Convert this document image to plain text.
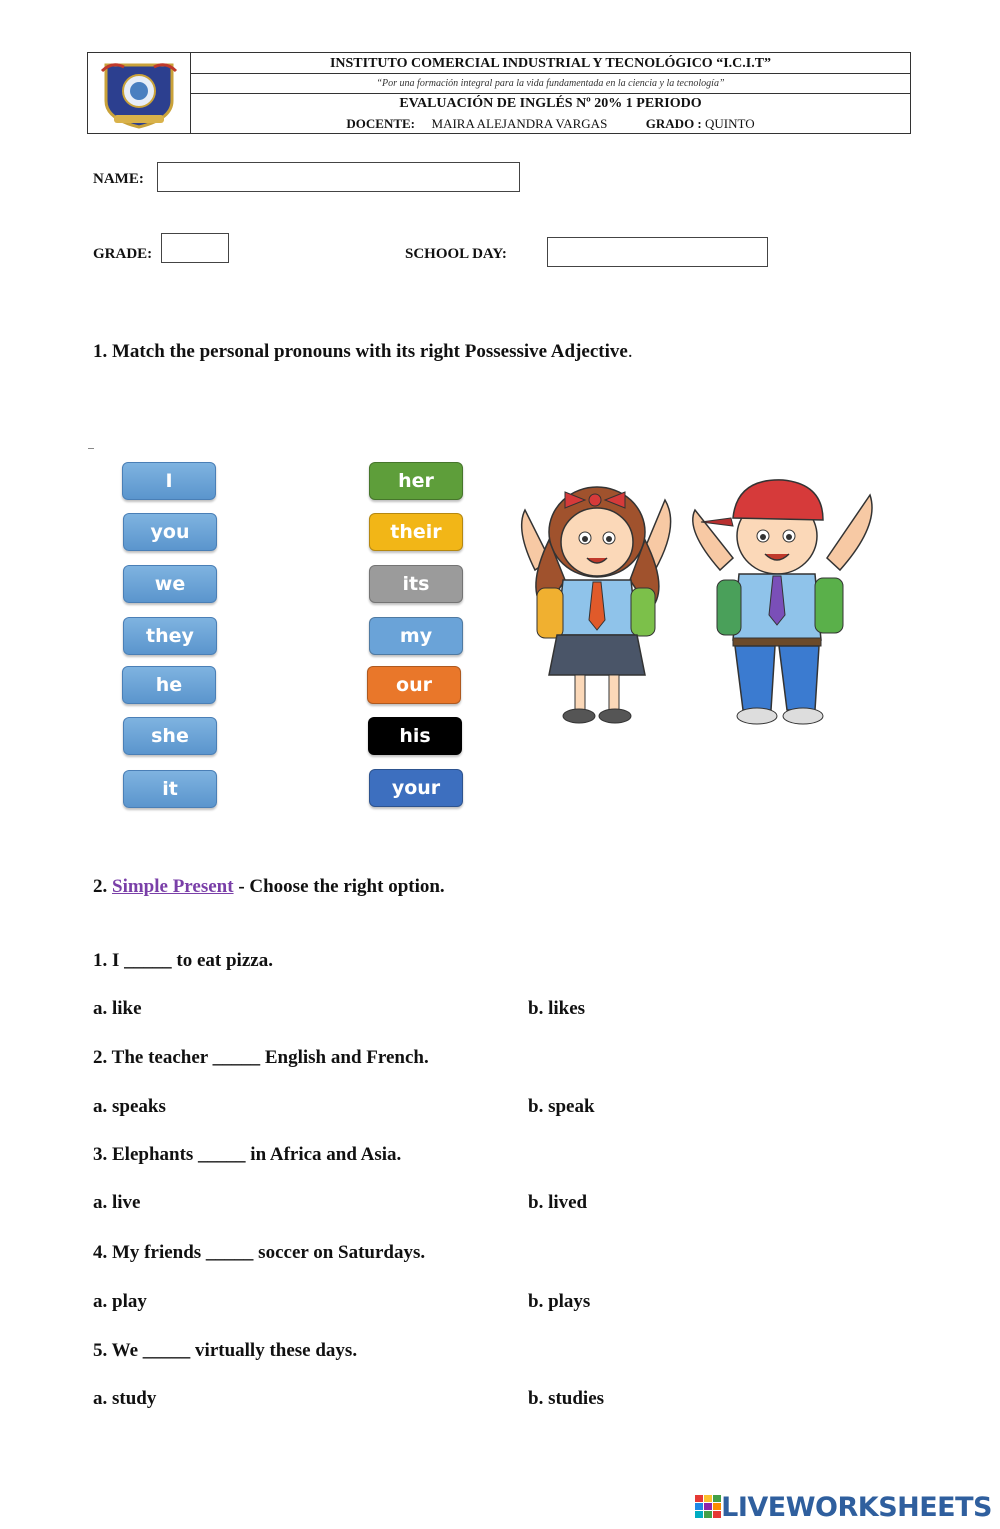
INSTITUTO COMERCIAL INDUSTRIAL Y TECNOLÓGICO “I.C.I.T”
“Por una formación integral para la vida fundamentada en la ciencia y la tecnología”
EVALUACIÓN DE INGLÉS Nº 20% 1 PERIODO
DOCENTE: MAIRA ALEJANDRA VARGAS	GRADO : QUINTO
NAME:
GRADE:	SCHOOL DAY:
1. Match the personal pronouns with its right Possessive Adjective.
I
you
we
they
he
she
it
her
their
its
my
our
his
your
2. Simple Present - Choose the right option.
1. I _____ to eat pizza.
a. like	b. likes
2. The teacher _____ English and French.
a. speaks	b. speak
3. Elephants _____ in Africa and Asia.
a. live	b. lived
4. My friends _____ soccer on Saturdays.
a. play	b. plays
5. We _____ virtually these days.
a. study	b. studies
LIVEWORKSHEETS
